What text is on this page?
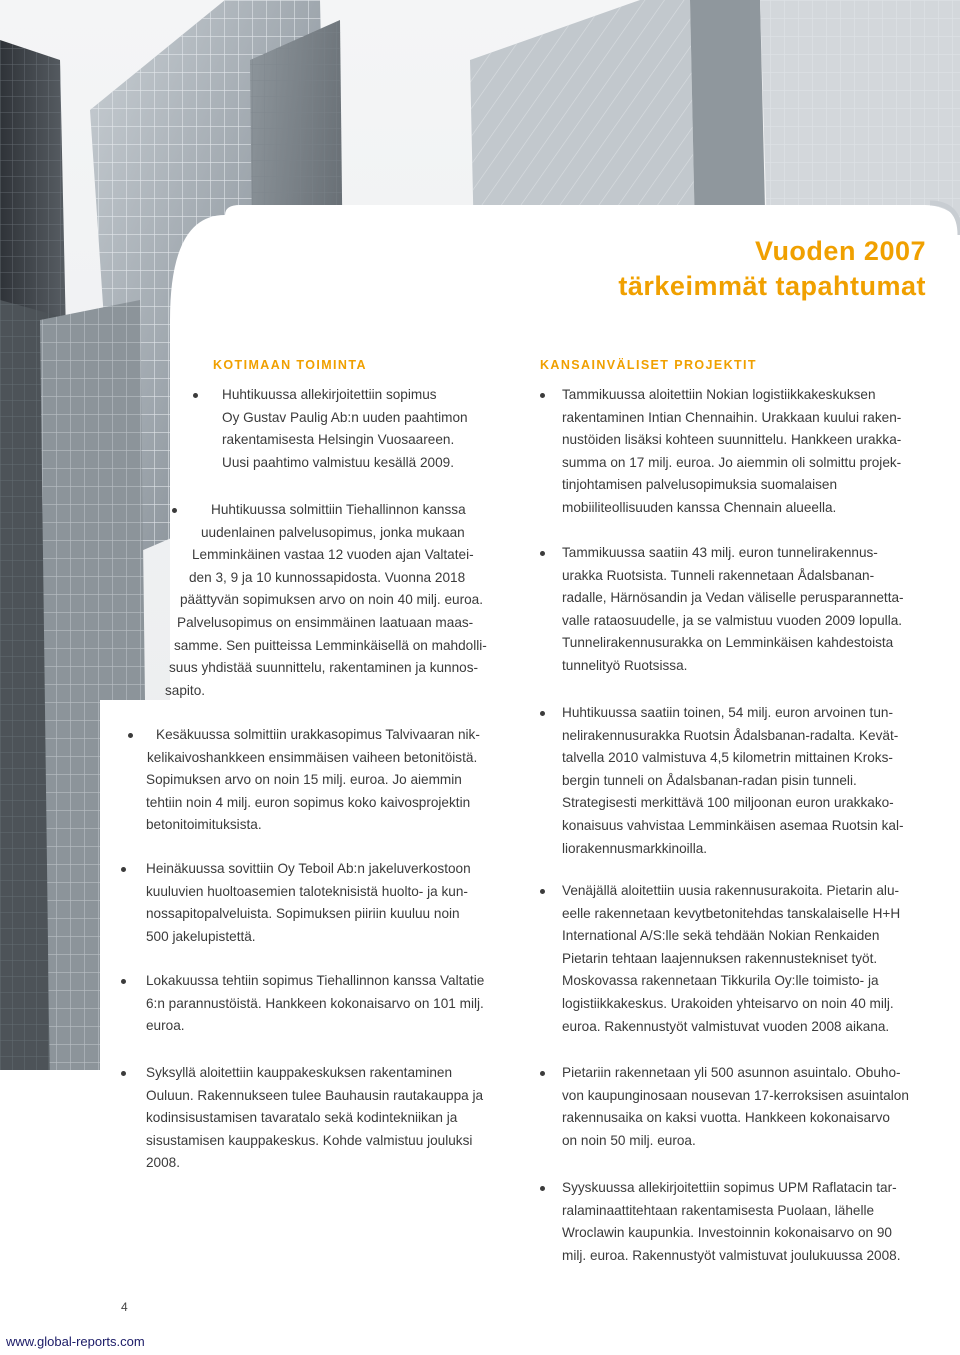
Vuoden 2007
tärkeimmät tapahtumat
KOTIMAAN TOIMINTA
Huhtikuussa allekirjoitettiin sopimus
Oy Gustav Paulig Ab:n uuden paahtimon
rakentamisesta Helsingin Vuosaareen.
Uusi paahtimo valmistuu kesällä 2009.
Huhtikuussa solmittiin Tiehallinnon kanssa
uudenlainen palvelusopimus, jonka mukaan
Lemminkäinen vastaa 12 vuoden ajan Valtatei-
den 3, 9 ja 10 kunnossapidosta. Vuonna 2018
päättyvän sopimuksen arvo on noin 40 milj. euroa.
Palvelusopimus on ensimmäinen laatuaan maas-
samme. Sen puitteissa Lemminkäisellä on mahdolli-
suus yhdistää suunnittelu, rakentaminen ja kunnos-
sapito.
Kesäkuussa solmittiin urakkasopimus Talvivaaran nik-
kelikaivoshankkeen ensimmäisen vaiheen betonitöistä.
Sopimuksen arvo on noin 15 milj. euroa. Jo aiemmin
tehtiin noin 4 milj. euron sopimus koko kaivosprojektin
betonitoimituksista.
Heinäkuussa sovittiin Oy Teboil Ab:n jakeluverkostoon
kuuluvien huoltoasemien taloteknisistä huolto- ja kun-
nossapitopalveluista. Sopimuksen piiriin kuuluu noin
500 jakelupistettä.
Lokakuussa tehtiin sopimus Tiehallinnon kanssa Valtatie
6:n parannustöistä. Hankkeen kokonaisarvo on 101 milj.
euroa.
Syksyllä aloitettiin kauppakeskuksen rakentaminen
Ouluun. Rakennukseen tulee Bauhausin rautakauppa ja
kodinsisustamisen tavaratalo sekä kodintekniikan ja
sisustamisen kauppakeskus. Kohde valmistuu jouluksi
2008.
KANSAINVÄLISET PROJEKTIT
Tammikuussa aloitettiin Nokian logistiikkakeskuksen
rakentaminen Intian Chennaihin. Urakkaan kuului raken-
nustöiden lisäksi kohteen suunnittelu. Hankkeen urakka-
summa on 17 milj. euroa. Jo aiemmin oli solmittu projek-
tinjohtamisen palvelusopimuksia suomalaisen
mobiiliteollisuuden kanssa Chennain alueella.
Tammikuussa saatiin 43 milj. euron tunnelirakennus-
urakka Ruotsista. Tunneli rakennetaan Ådalsbanan-
radalle, Härnösandin ja Vedan väliselle perusparannetta-
valle rataosuudelle, ja se valmistuu vuoden 2009 lopulla.
Tunnelirakennusurakka on Lemminkäisen kahdestoista
tunnelityö Ruotsissa.
Huhtikuussa saatiin toinen, 54 milj. euron arvoinen tun-
nelirakennusurakka Ruotsin Ådalsbanan-radalta. Kevät-
talvella 2010 valmistuva 4,5 kilometrin mittainen Kroks-
bergin tunneli on Ådalsbanan-radan pisin tunneli.
Strategisesti merkittävä 100 miljoonan euron urakkako-
konaisuus vahvistaa Lemminkäisen asemaa Ruotsin kal-
liorakennusmarkkinoilla.
Venäjällä aloitettiin uusia rakennusurakoita. Pietarin alu-
eelle rakennetaan kevytbetonitehdas tanskalaiselle H+H
International A/S:lle sekä tehdään Nokian Renkaiden
Pietarin tehtaan laajennuksen rakennustekniset työt.
Moskovassa rakennetaan Tikkurila Oy:lle toimisto- ja
logistiikkakeskus. Urakoiden yhteisarvo on noin 40 milj.
euroa. Rakennustyöt valmistuvat vuoden 2008 aikana.
Pietariin rakennetaan yli 500 asunnon asuintalo. Obuho-
von kaupunginosaan nousevan 17-kerroksisen asuintalon
rakennusaika on kaksi vuotta. Hankkeen kokonaisarvo
on noin 50 milj. euroa.
Syyskuussa allekirjoitettiin sopimus UPM Raflatacin tar-
ralaminaattitehtaan rakentamisesta Puolaan, lähelle
Wroclawin kaupunkia. Investoinnin kokonaisarvo on 90
milj. euroa. Rakennustyöt valmistuvat joulukuussa 2008.
4
www.global-reports.com
